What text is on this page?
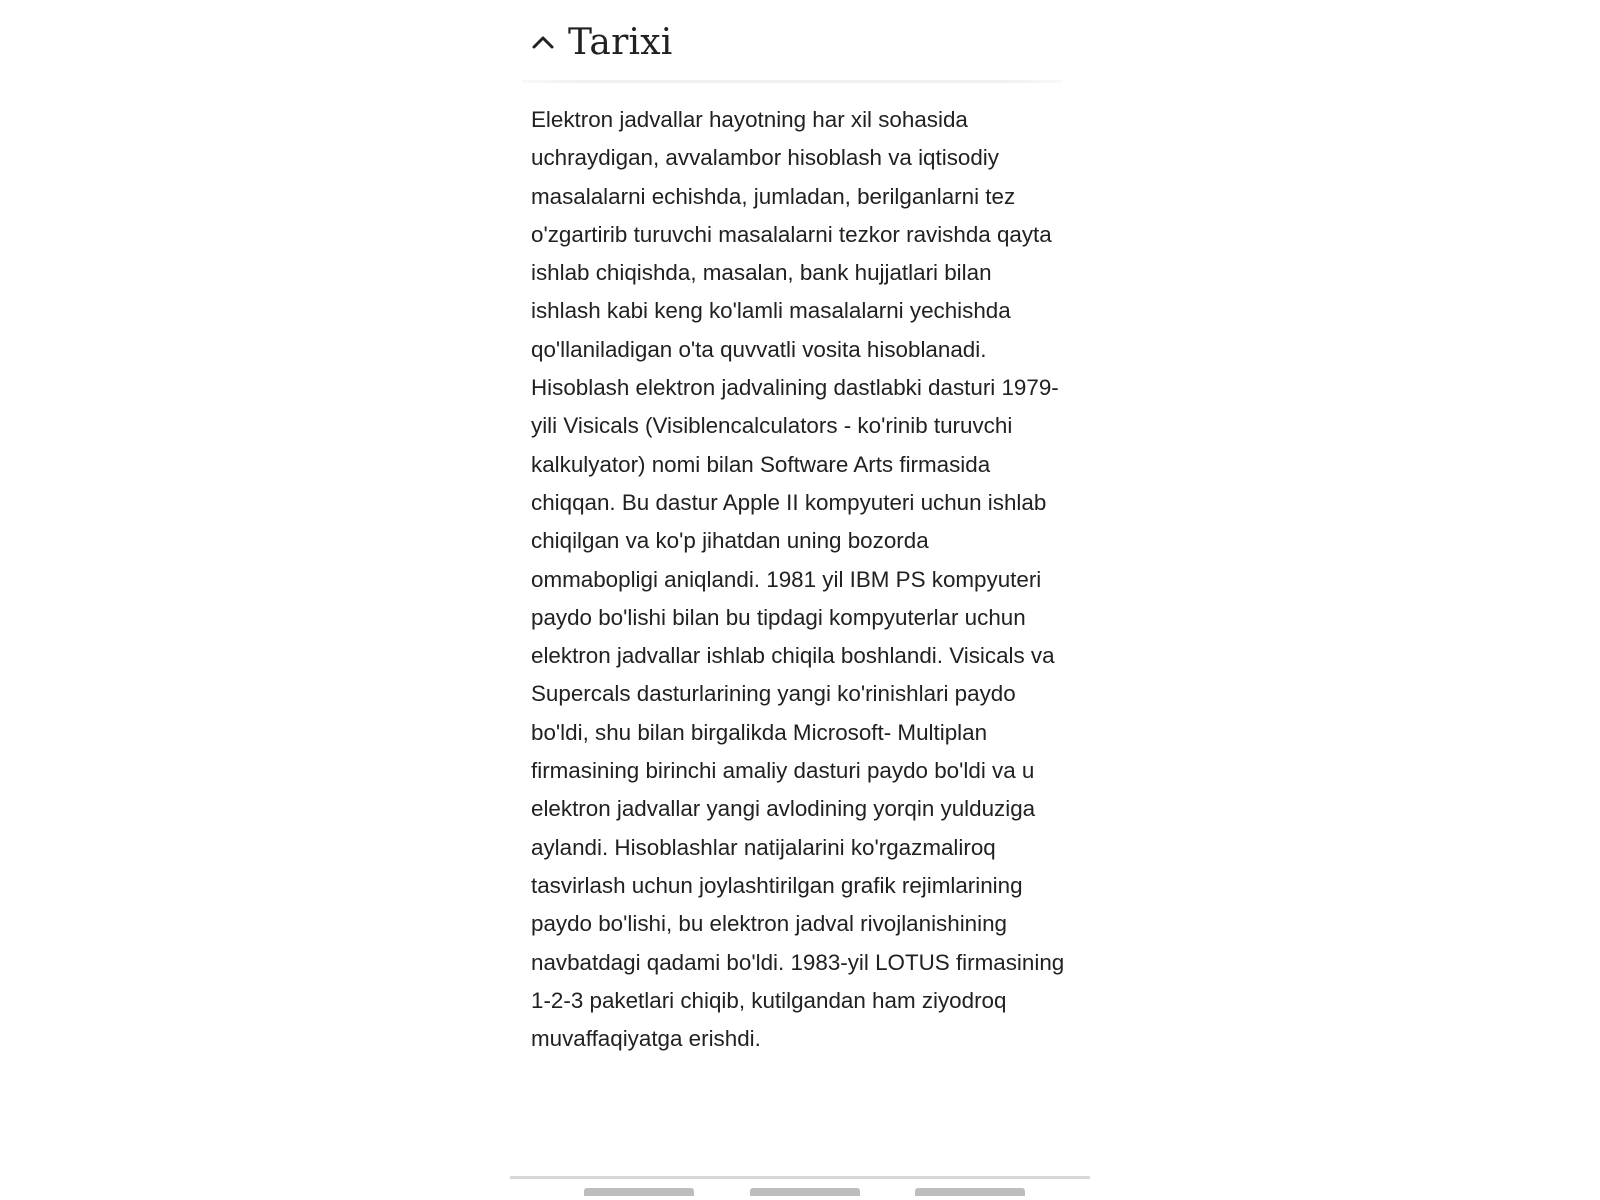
Tarixi

Elektron jadvallar hayotning har xil sohasida
uchraydigan, avvalambor hisoblash va iqtisodiy
masalalarni echishda, jumladan, berilganlarni tez
o'zgartirib turuvchi masalalarni tezkor ravishda qayta
ishlab chiqishda, masalan, bank hujjatlari bilan
ishlash kabi keng ko'lamli masalalarni yechishda
qo'llaniladigan o'ta quvvatli vosita hisoblanadi.
Hisoblash elektron jadvalining dastlabki dasturi 1979-
yili Visicals (Visiblencalculators - ko'rinib turuvchi
kalkulyator) nomi bilan Software Arts firmasida
chiqqan. Bu dastur Apple II kompyuteri uchun ishlab
chiqilgan va ko'p jihatdan uning bozorda
ommabopligi aniqlandi. 1981 yil IBM PS kompyuteri
paydo bo'lishi bilan bu tipdagi kompyuterlar uchun
elektron jadvallar ishlab chiqila boshlandi. Visicals va
Supercals dasturlarining yangi ko'rinishlari paydo
bo'ldi, shu bilan birgalikda Microsoft- Multiplan
firmasining birinchi amaliy dasturi paydo bo'ldi va u
elektron jadvallar yangi avlodining yorqin yulduziga
aylandi. Hisoblashlar natijalarini ko'rgazmaliroq
tasvirlash uchun joylashtirilgan grafik rejimlarining
paydo bo'lishi, bu elektron jadval rivojlanishining
navbatdagi qadami bo'ldi. 1983-yil LOTUS firmasining
1-2-3 paketlari chiqib, kutilgandan ham ziyodroq
muvaffaqiyatga erishdi.
